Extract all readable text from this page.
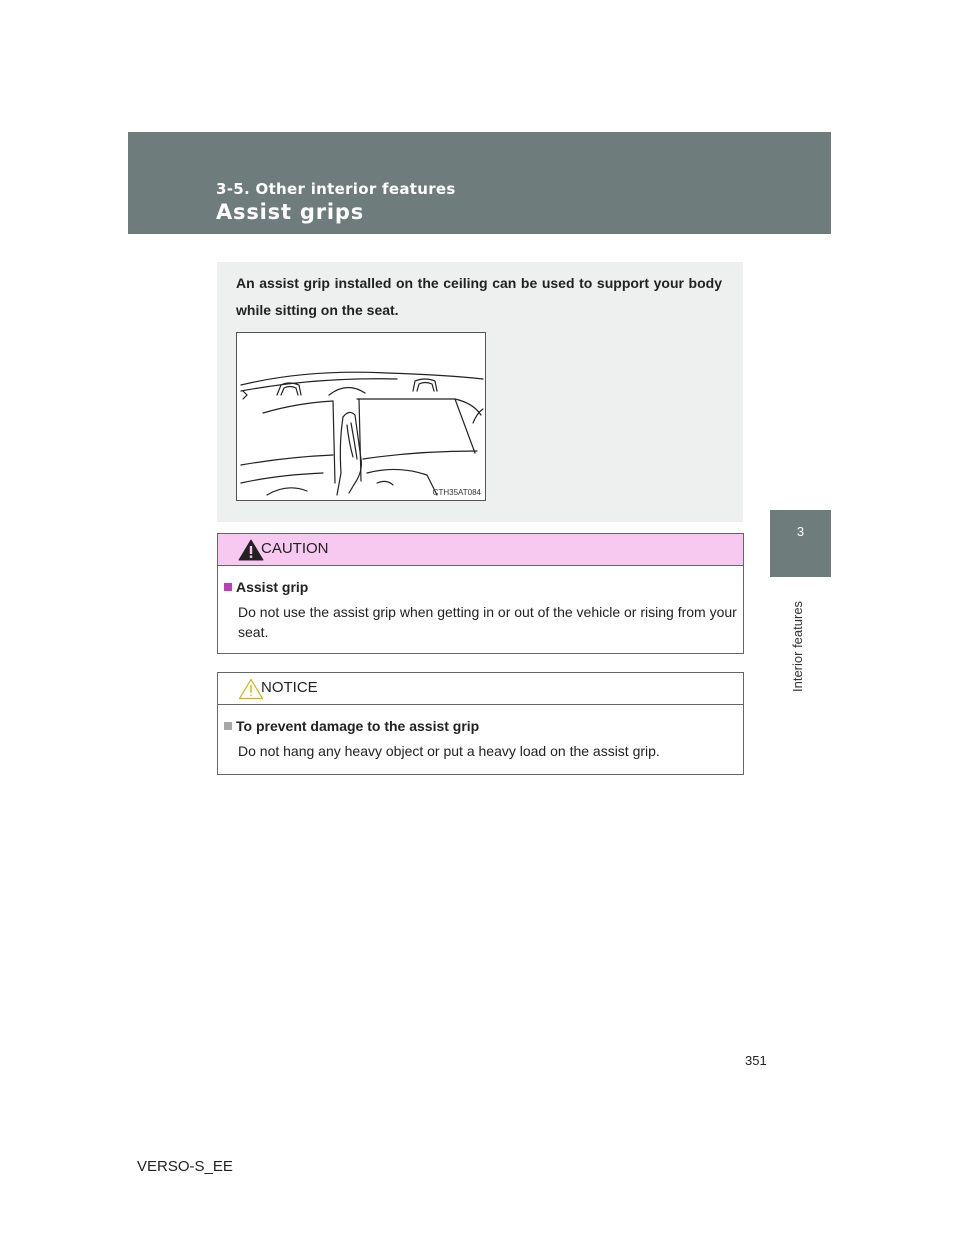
3-5. Other interior features
Assist grips
3
Interior features
An assist grip installed on the ceiling can be used to support your body while sitting on the seat.
CTH35AT084
CAUTION
Assist grip
Do not use the assist grip when getting in or out of the vehicle or rising from your seat.
NOTICE
To prevent damage to the assist grip
Do not hang any heavy object or put a heavy load on the assist grip.
351
VERSO-S_EE
